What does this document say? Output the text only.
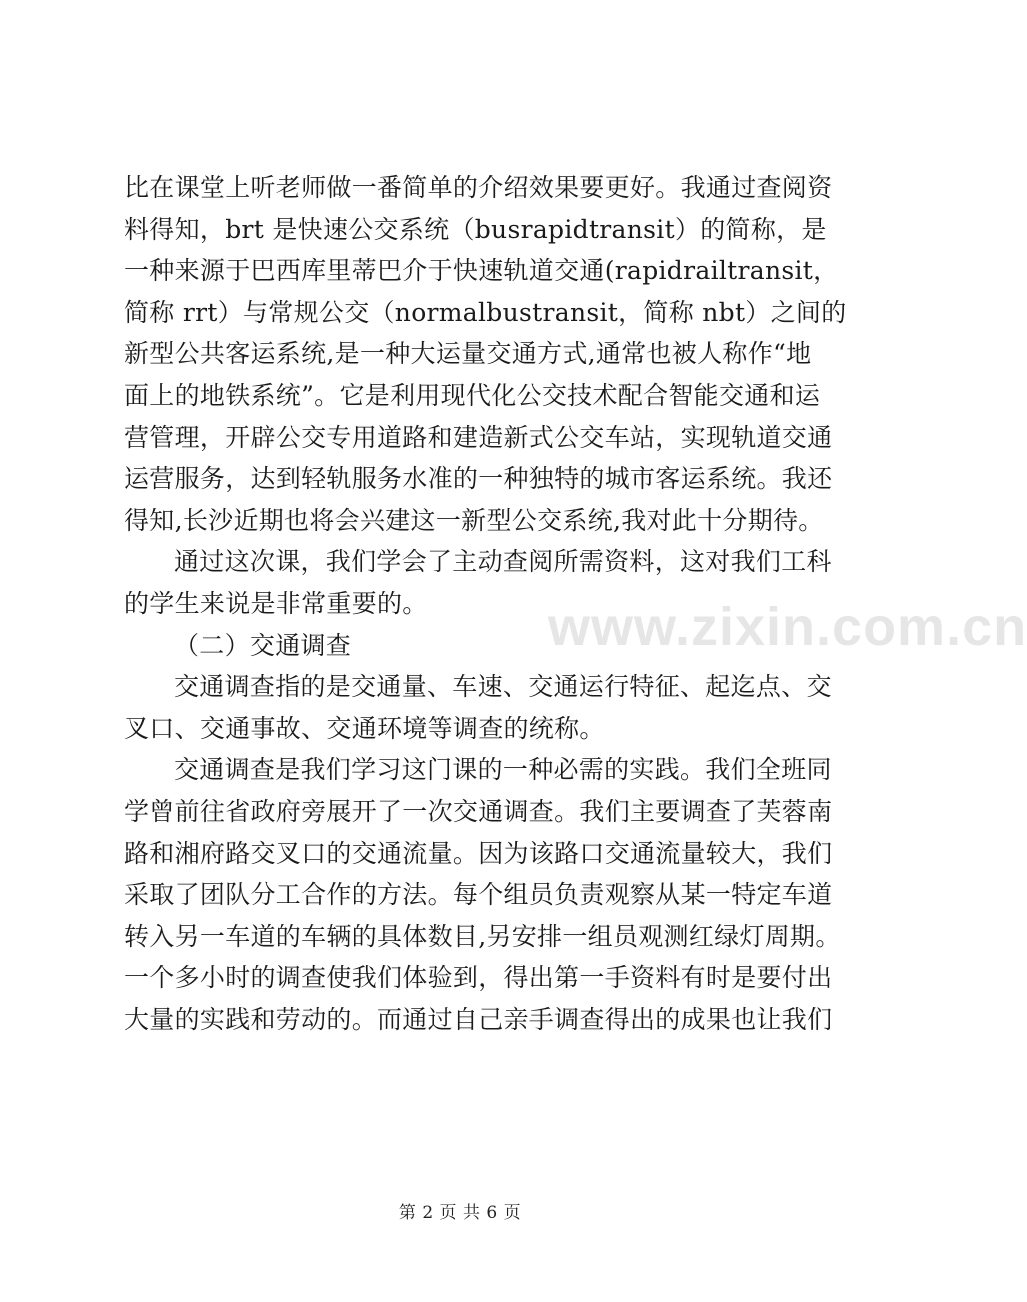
比在课堂上听老师做一番简单的介绍效果要更好。我通过查阅资
料得知，brt 是快速公交系统（busrapidtransit）的简称，是
一种来源于巴西库里蒂巴介于快速轨道交通(rapidrailtransit，
简称 rrt）与常规公交（normalbustransit，简称 nbt）之间的
新型公共客运系统,是一种大运量交通方式,通常也被人称作“地
面上的地铁系统”。它是利用现代化公交技术配合智能交通和运
营管理，开辟公交专用道路和建造新式公交车站，实现轨道交通
运营服务，达到轻轨服务水准的一种独特的城市客运系统。我还
得知,长沙近期也将会兴建这一新型公交系统,我对此十分期待。
通过这次课，我们学会了主动查阅所需资料，这对我们工科
的学生来说是非常重要的。
（二）交通调查
交通调查指的是交通量、车速、交通运行特征、起迄点、交
叉口、交通事故、交通环境等调查的统称。
交通调查是我们学习这门课的一种必需的实践。我们全班同
学曾前往省政府旁展开了一次交通调查。我们主要调查了芙蓉南
路和湘府路交叉口的交通流量。因为该路口交通流量较大，我们
采取了团队分工合作的方法。每个组员负责观察从某一特定车道
转入另一车道的车辆的具体数目,另安排一组员观测红绿灯周期。
一个多小时的调查使我们体验到，得出第一手资料有时是要付出
大量的实践和劳动的。而通过自己亲手调查得出的成果也让我们
www.zixin.com.cn
第 2 页 共 6 页
